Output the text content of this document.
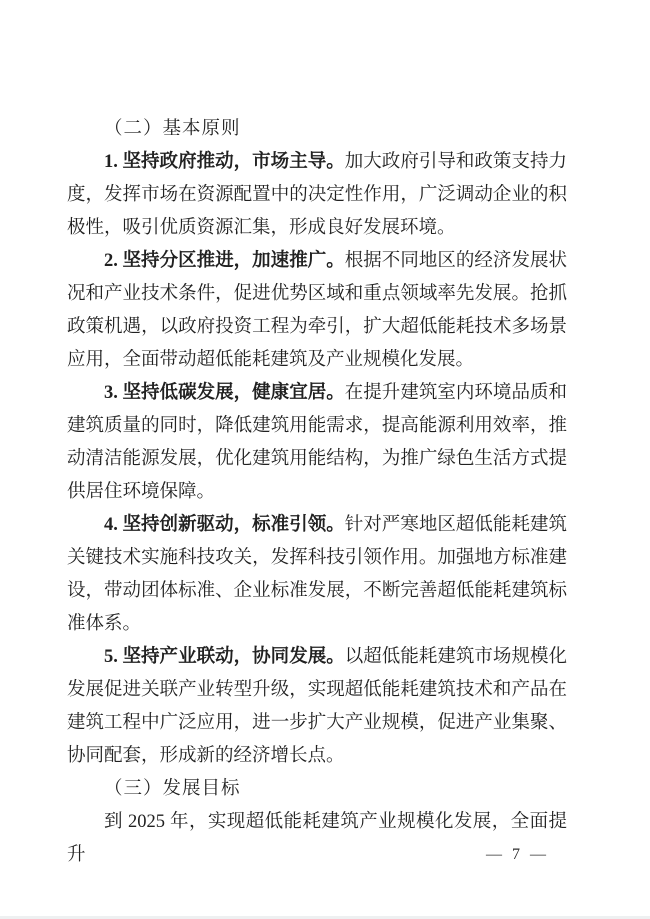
（二）基本原则

1. 坚持政府推动，市场主导。加大政府引导和政策支持力度，发挥市场在资源配置中的决定性作用，广泛调动企业的积极性，吸引优质资源汇集，形成良好发展环境。

2. 坚持分区推进，加速推广。根据不同地区的经济发展状况和产业技术条件，促进优势区域和重点领域率先发展。抢抓政策机遇，以政府投资工程为牵引，扩大超低能耗技术多场景应用，全面带动超低能耗建筑及产业规模化发展。

3. 坚持低碳发展，健康宜居。在提升建筑室内环境品质和建筑质量的同时，降低建筑用能需求，提高能源利用效率，推动清洁能源发展，优化建筑用能结构，为推广绿色生活方式提供居住环境保障。

4. 坚持创新驱动，标准引领。针对严寒地区超低能耗建筑关键技术实施科技攻关，发挥科技引领作用。加强地方标准建设，带动团体标准、企业标准发展，不断完善超低能耗建筑标准体系。

5. 坚持产业联动，协同发展。以超低能耗建筑市场规模化发展促进关联产业转型升级，实现超低能耗建筑技术和产品在建筑工程中广泛应用，进一步扩大产业规模，促进产业集聚、协同配套，形成新的经济增长点。

（三）发展目标

到 2025 年，实现超低能耗建筑产业规模化发展，全面提升	— 7 —
